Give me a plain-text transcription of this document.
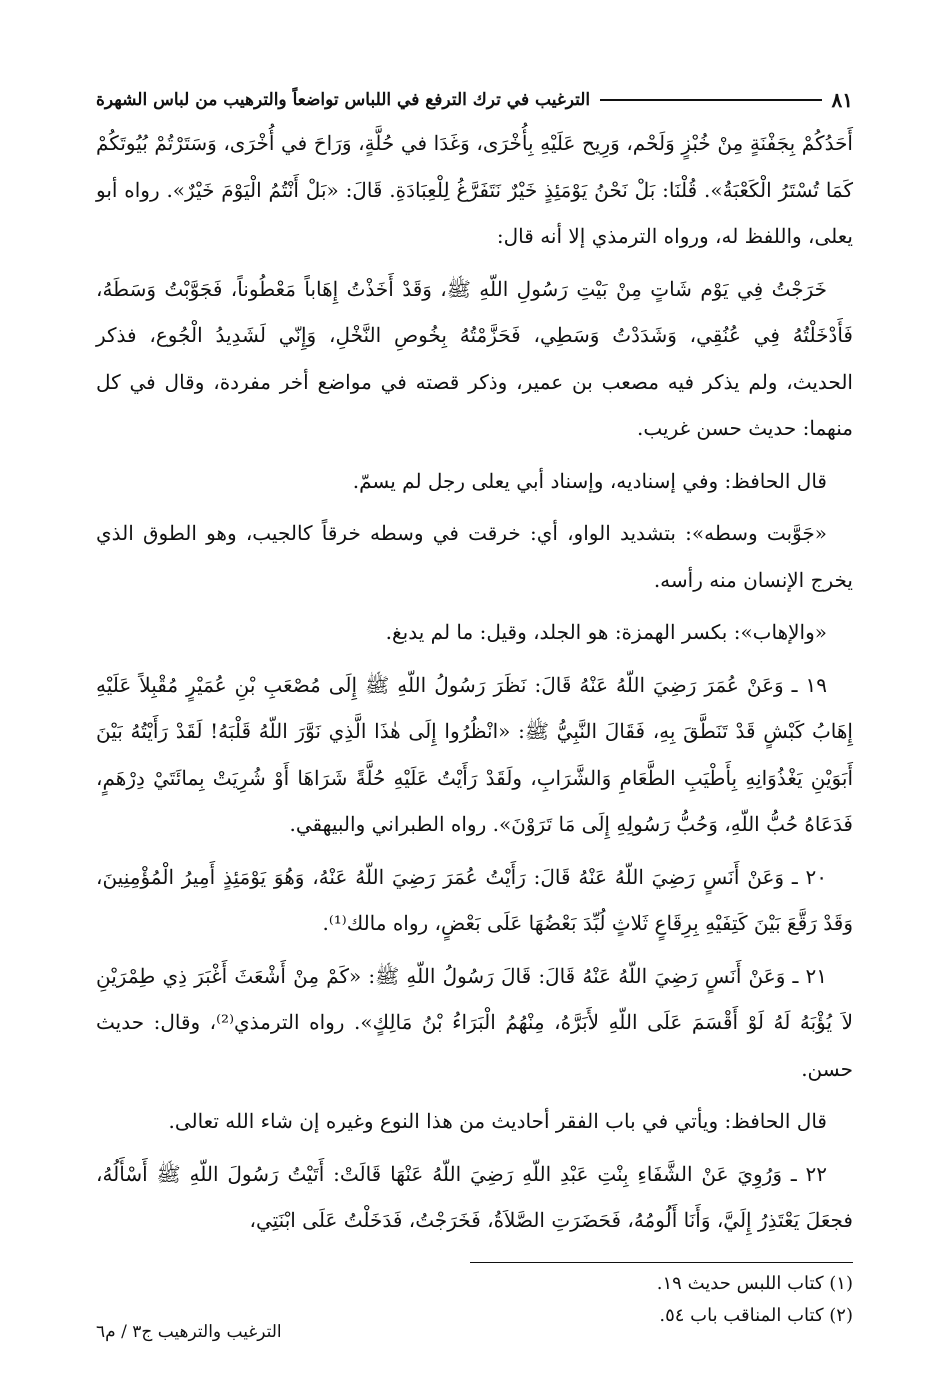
الترغيب في ترك الترفع في اللباس تواضعاً والترهيب من لباس الشهرة	٨١

أَحَدُكُمْ بِجَفْنَةٍ مِنْ خُبْزٍ وَلَحْم، وَرِيح عَلَيْهِ بِأُخْرَى، وَغَدَا في حُلَّةٍ، وَرَاحَ في أُخْرَى، وَسَتَرْتُمْ بُيُوتَكُمْ كَمَا تُسْتَرُ الْكَعْبَةُ». قُلْنَا: بَلْ نَحْنُ يَوْمَئِذٍ خَيْرٌ نَتَفَرَّغُ لِلْعِبَادَةِ. قَالَ: «بَلْ أَنْتُمُ الْيَوْمَ خَيْرٌ». رواه أبو يعلى، واللفظ له، ورواه الترمذي إلا أنه قال:

خَرَجْتُ فِي يَوْم شَاتٍ مِنْ بَيْتِ رَسُولِ اللّهِ ﷺ، وَقَدْ أَخَذْتُ إِهَاباً مَعْطُوناً، فَجَوَّبْتُ وَسَطَهُ، فَأَدْخَلْتُهُ فِي عُنُقِي، وَشَدَدْتُ وَسَطِي، فَحَزَّمْتُهُ بِخُوصِ النَّخْلِ، وَإِنّي لَشَدِيدُ الْجُوع، فذكر الحديث، ولم يذكر فيه مصعب بن عمير، وذكر قصته في مواضع أخر مفردة، وقال في كل منهما: حديث حسن غريب.

قال الحافظ: وفي إسناديه، وإسناد أبي يعلى رجل لم يسمّ.

«جَوَّبت وسطه»: بتشديد الواو، أي: خرقت في وسطه خرقاً كالجيب، وهو الطوق الذي يخرج الإنسان منه رأسه.

«والإهاب»: بكسر الهمزة: هو الجلد، وقيل: ما لم يدبغ.

١٩ ـ وَعَنْ عُمَرَ رَضِيَ اللّهُ عَنْهُ قَالَ: نَظَرَ رَسُولُ اللّهِ ﷺ إِلَى مُصْعَبِ بْنِ عُمَيْرٍ مُقْبِلاً عَلَيْهِ إِهَابُ كَبْشٍ قَدْ تَنَطَّقَ بِهِ، فَقَالَ النَّبِيُّ ﷺ: «انْظُرُوا إِلَى هٰذَا الَّذِي نَوَّرَ اللّهُ قَلْبَهُ! لَقَدْ رَأَيْتُهُ بَيْنَ أَبَوَيْنِ يَغْذُوَانِهِ بِأَطْيَبِ الطَّعَامِ وَالشَّرَابِ، ولَقَدْ رَأَيْتُ عَلَيْهِ حُلَّةً شَرَاهَا أَوْ شُرِيَتْ بِمائَتَيْ دِرْهَمٍ، فَدَعَاهُ حُبُّ اللّهِ، وَحُبُّ رَسُولِهِ إِلَى مَا تَرَوْنَ». رواه الطبراني والبيهقي.

٢٠ ـ وَعَنْ أَنَسٍ رَضِيَ اللّهُ عَنْهُ قَالَ: رَأَيْتُ عُمَرَ رَضِيَ اللّهُ عَنْهُ، وَهُوَ يَوْمَئِذٍ أَمِيرُ الْمُؤْمِنِينَ، وَقَدْ رَقَّعَ بَيْنَ كَتِفَيْهِ بِرِقَاعٍ ثَلاثٍ لُبِّدَ بَعْضُهَا عَلَى بَعْضٍ، رواه مالك⁽¹⁾.

٢١ ـ وَعَنْ أَنَسٍ رَضِيَ اللّهُ عَنْهُ قَالَ: قَالَ رَسُولُ اللّهِ ﷺ: «كَمْ مِنْ أَشْعَثَ أَغْبَرَ ذِي طِمْرَيْنِ لاَ يُؤْبَهُ لَهُ لَوْ أَقْسَمَ عَلَى اللّهِ لأَبَرَّهُ، مِنْهُمُ الْبَرَاءُ بْنُ مَالِكٍ». رواه الترمذي⁽²⁾، وقال: حديث حسن.

قال الحافظ: ويأتي في باب الفقر أحاديث من هذا النوع وغيره إن شاء الله تعالى.

٢٢ ـ وَرُوِيَ عَنْ الشَّفَاءِ بِنْتِ عَبْدِ اللّهِ رَضِيَ اللّهُ عَنْهَا قَالَتْ: أَتَيْتُ رَسُولَ اللّهِ ﷺ أَسْأَلُهُ، فجعَلَ يَعْتَذِرُ إِلَيَّ، وَأَنَا أَلُومُهُ، فَحَضَرَتِ الصَّلاَةُ، فَخَرَجْتُ، فَدَخَلْتُ عَلَى ابْنَتِي،

(١) كتاب اللبس حديث ١٩.
(٢) كتاب المناقب باب ٥٤.
الترغيب والترهيب ج٣ / م٦
